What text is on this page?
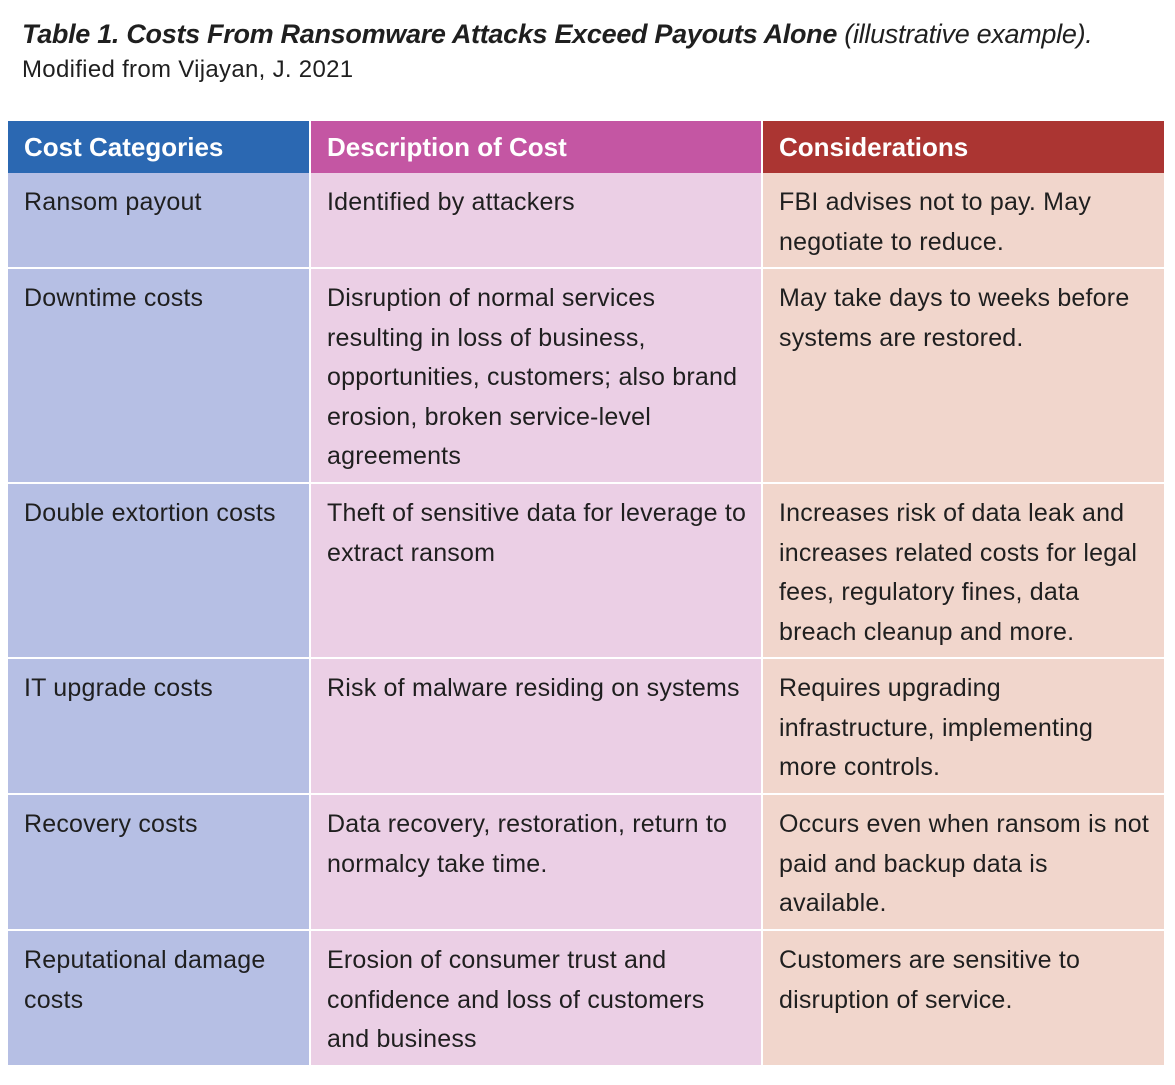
Table 1. Costs From Ransomware Attacks Exceed Payouts Alone (illustrative example).
Modified from Vijayan, J. 2021
Cost Categories	Description of Cost	Considerations
Ransom payout	Identified by attackers	FBI advises not to pay. May negotiate to reduce.
Downtime costs	Disruption of normal services resulting in loss of business, opportunities, customers; also brand erosion, broken service-level agreements	May take days to weeks before systems are restored.
Double extortion costs	Theft of sensitive data for leverage to extract ransom	Increases risk of data leak and increases related costs for legal fees, regulatory fines, data breach cleanup and more.
IT upgrade costs	Risk of malware residing on systems	Requires upgrading infrastructure, implementing more controls.
Recovery costs	Data recovery, restoration, return to normalcy take time.	Occurs even when ransom is not paid and backup data is available.
Reputational damage costs	Erosion of consumer trust and confidence and loss of customers and business	Customers are sensitive to disruption of service.
